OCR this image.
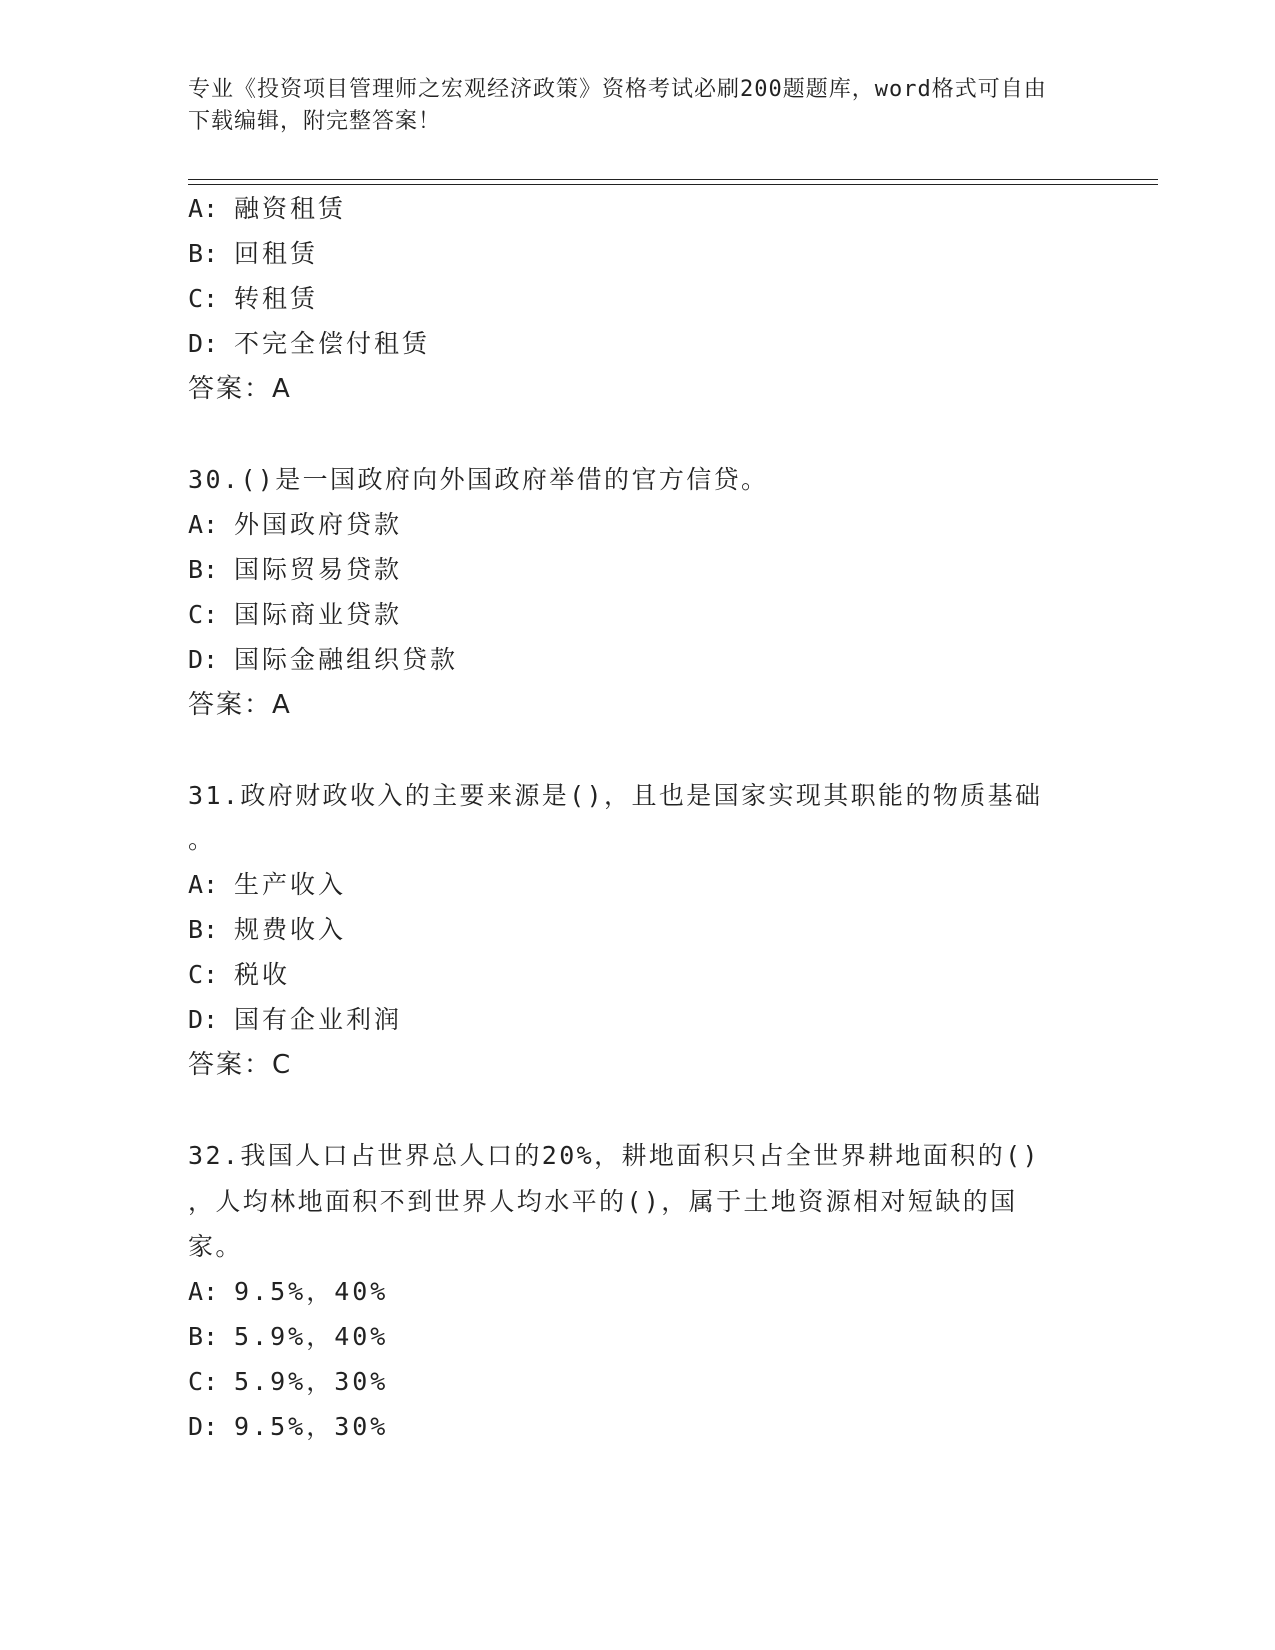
专业《投资项目管理师之宏观经济政策》资格考试必刷200题题库，word格式可自由下载编辑，附完整答案！
A: 融资租赁
B: 回租赁
C: 转租赁
D: 不完全偿付租赁
答案：A
30.()是一国政府向外国政府举借的官方信贷。
A: 外国政府贷款
B: 国际贸易贷款
C: 国际商业贷款
D: 国际金融组织贷款
答案：A
31.政府财政收入的主要来源是()，且也是国家实现其职能的物质基础
。
A: 生产收入
B: 规费收入
C: 税收
D: 国有企业利润
答案：C
32.我国人口占世界总人口的20%，耕地面积只占全世界耕地面积的()
，人均林地面积不到世界人均水平的()，属于土地资源相对短缺的国
家。
A: 9.5%，40%
B: 5.9%，40%
C: 5.9%，30%
D: 9.5%，30%
